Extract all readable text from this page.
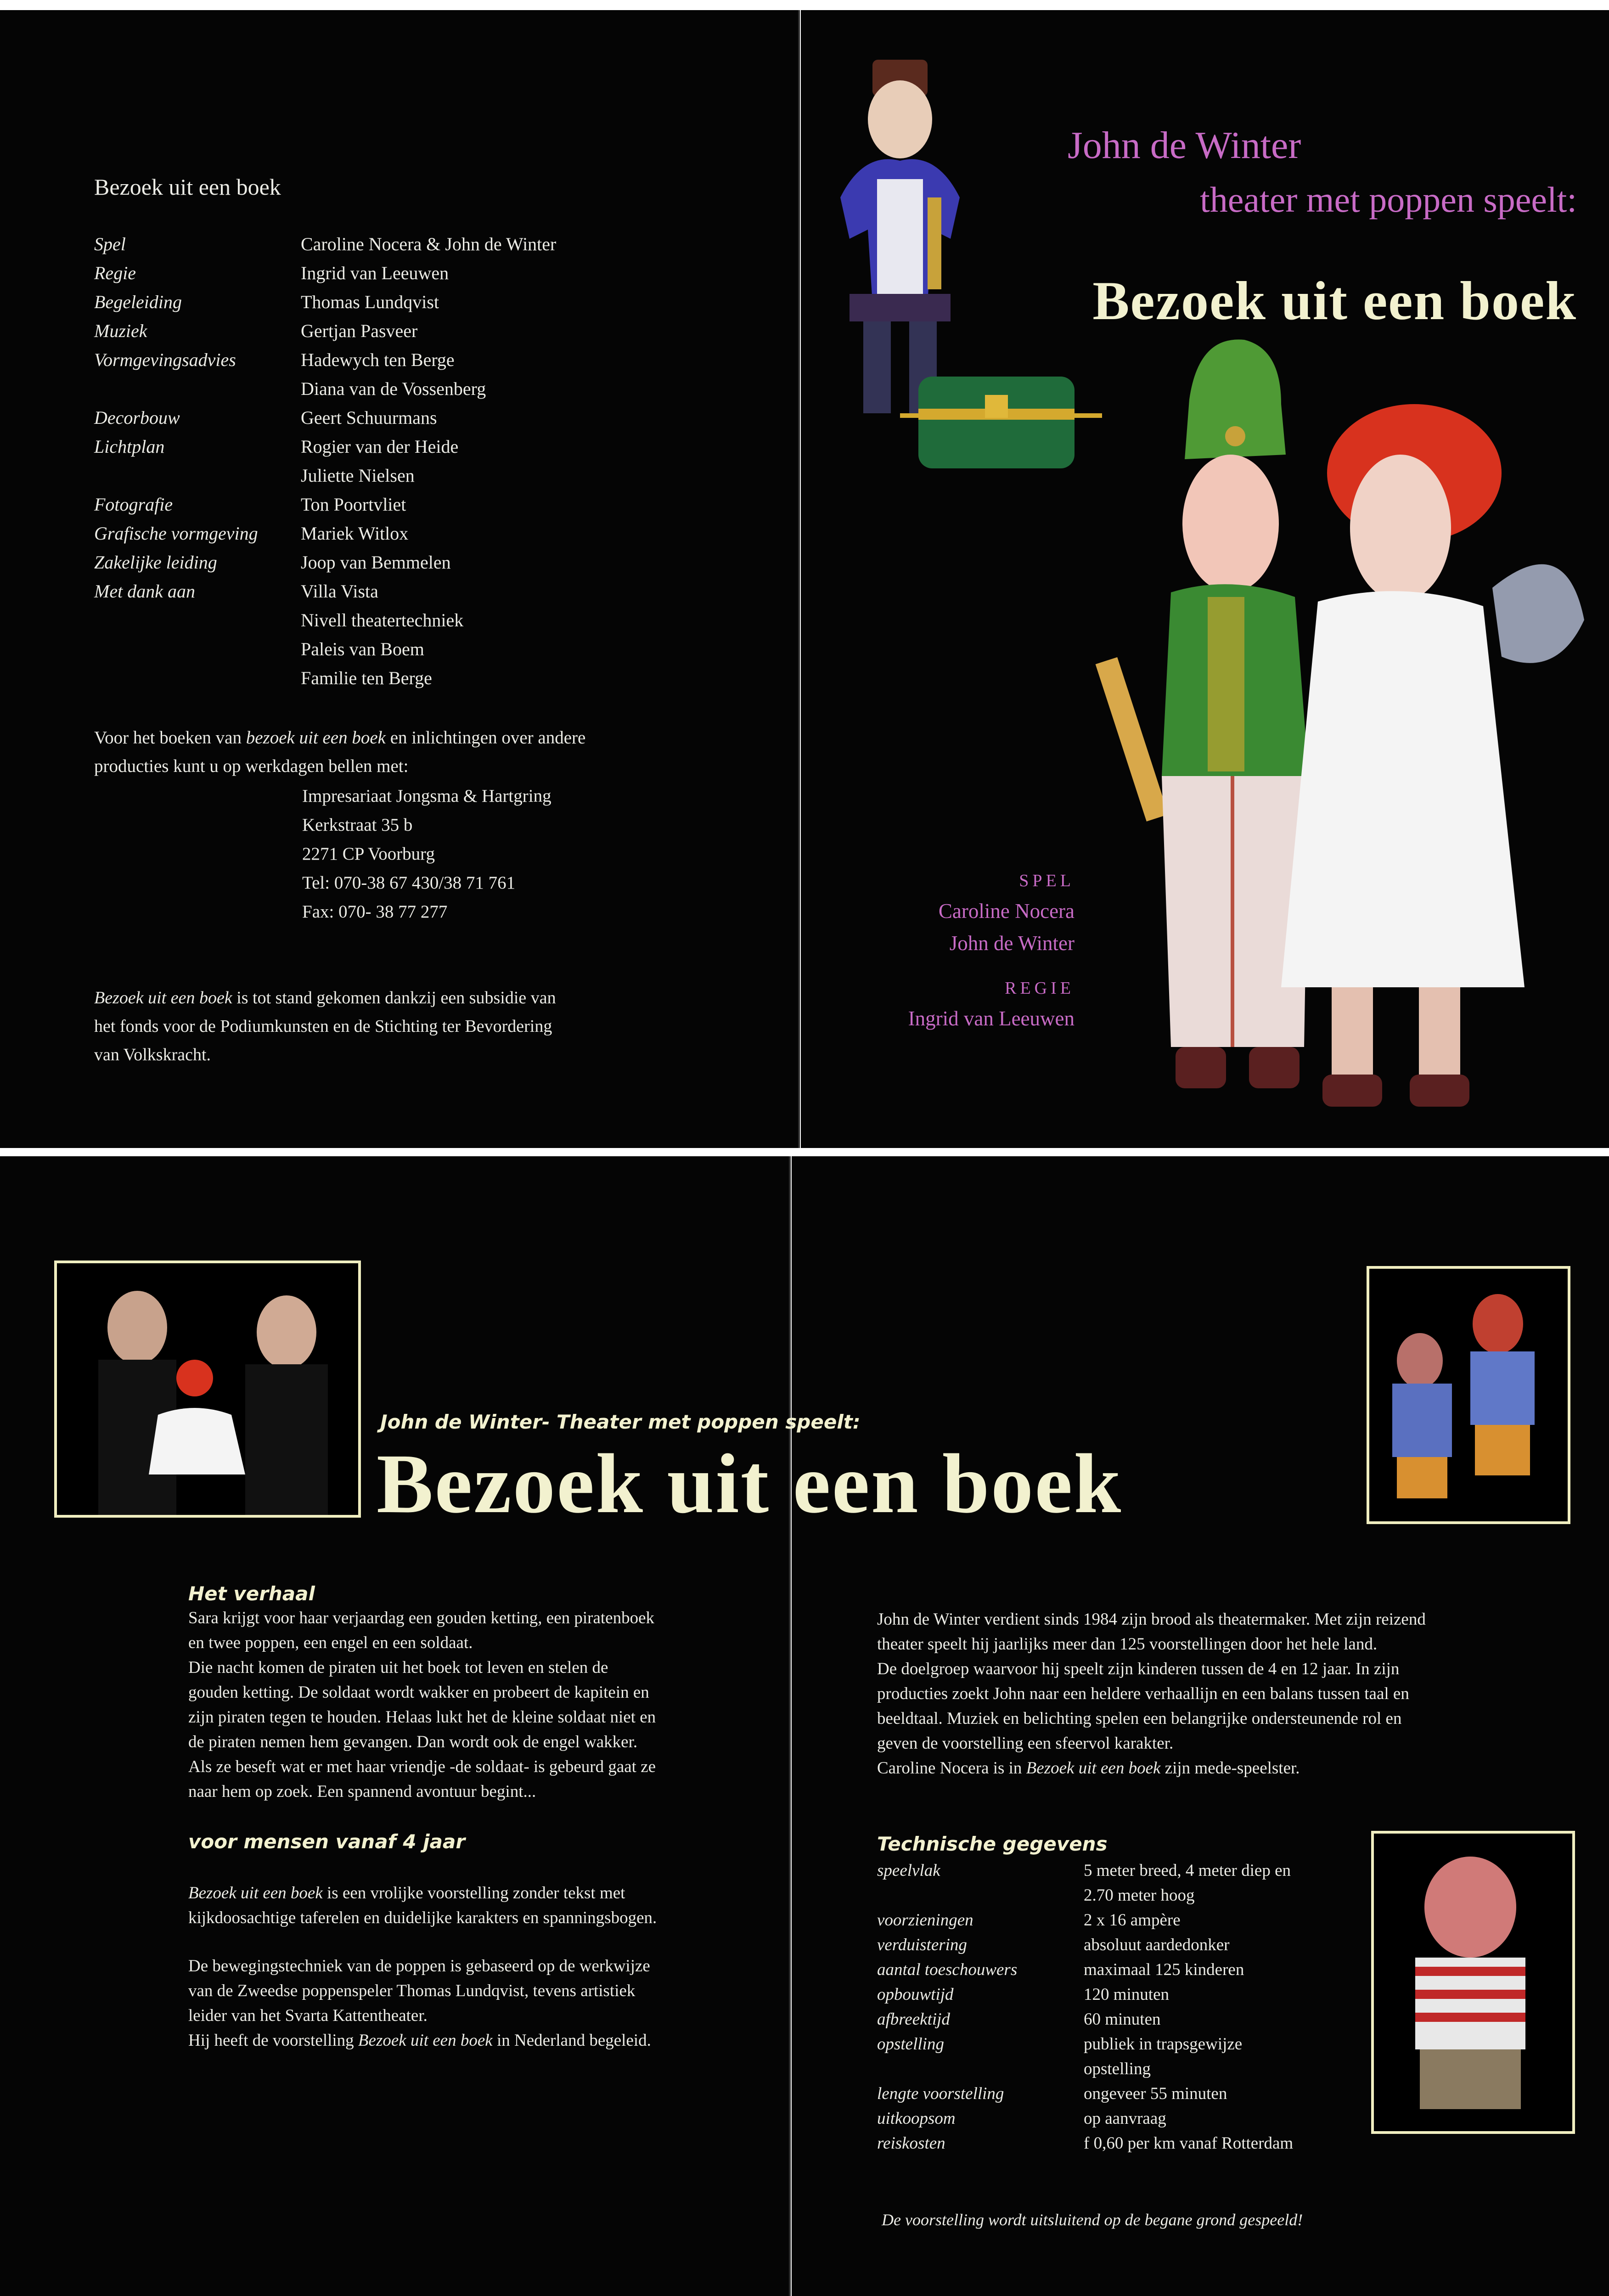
Bezoek uit een boek
Spel	Caroline Nocera & John de Winter
Regie	Ingrid van Leeuwen
Begeleiding	Thomas Lundqvist
Muziek	Gertjan Pasveer
Vormgevingsadvies	Hadewych ten Berge
Diana van de Vossenberg
Decorbouw	Geert Schuurmans
Lichtplan	Rogier van der Heide
Juliette Nielsen
Fotografie	Ton Poortvliet
Grafische vormgeving	Mariek Witlox
Zakelijke leiding	Joop van Bemmelen
Met dank aan	Villa Vista
Nivell theatertechniek
Paleis van Boem
Familie ten Berge
Voor het boeken van bezoek uit een boek en inlichtingen over andere
producties kunt u op werkdagen bellen met:
Impresariaat Jongsma & Hartgring
Kerkstraat 35 b
2271 CP Voorburg
Tel: 070-38 67 430/38 71 761
Fax: 070- 38 77 277
Bezoek uit een boek is tot stand gekomen dankzij een subsidie van
het fonds voor de Podiumkunsten en de Stichting ter Bevordering
van Volkskracht.
John de Winter
theater met poppen speelt:
Bezoek uit een boek
SPEL
Caroline Nocera
John de Winter
REGIE
Ingrid van Leeuwen
John de Winter- Theater met poppen speelt:
Bezoek uit een boek
Het verhaal
Sara krijgt voor haar verjaardag een gouden ketting, een piratenboek
en twee poppen, een engel en een soldaat.
Die nacht komen de piraten uit het boek tot leven en stelen de
gouden ketting. De soldaat wordt wakker en probeert de kapitein en
zijn piraten tegen te houden. Helaas lukt het de kleine soldaat niet en
de piraten nemen hem gevangen. Dan wordt ook de engel wakker.
Als ze beseft wat er met haar vriendje -de soldaat- is gebeurd gaat ze
naar hem op zoek. Een spannend avontuur begint...
voor mensen vanaf 4 jaar
Bezoek uit een boek is een vrolijke voorstelling zonder tekst met
kijkdoosachtige taferelen en duidelijke karakters en spanningsbogen.
De bewegingstechniek van de poppen is gebaseerd op de werkwijze
van de Zweedse poppenspeler Thomas Lundqvist, tevens artistiek
leider van het Svarta Kattentheater.
Hij heeft de voorstelling Bezoek uit een boek in Nederland begeleid.
John de Winter verdient sinds 1984 zijn brood als theatermaker. Met zijn reizend
theater speelt hij jaarlijks meer dan 125 voorstellingen door het hele land.
De doelgroep waarvoor hij speelt zijn kinderen tussen de 4 en 12 jaar. In zijn
producties zoekt John naar een heldere verhaallijn en een balans tussen taal en
beeldtaal. Muziek en belichting spelen een belangrijke ondersteunende rol en
geven de voorstelling een sfeervol karakter.
Caroline Nocera is in Bezoek uit een boek zijn mede-speelster.
Technische gegevens
speelvlak	5 meter breed, 4 meter diep en
2.70 meter hoog
voorzieningen	2 x 16 ampère
verduistering	absoluut aardedonker
aantal toeschouwers	maximaal 125 kinderen
opbouwtijd	120 minuten
afbreektijd	60 minuten
opstelling	publiek in trapsgewijze
opstelling
lengte voorstelling	ongeveer 55 minuten
uitkoopsom	op aanvraag
reiskosten	f 0,60 per km vanaf Rotterdam
De voorstelling wordt uitsluitend op de begane grond gespeeld!
